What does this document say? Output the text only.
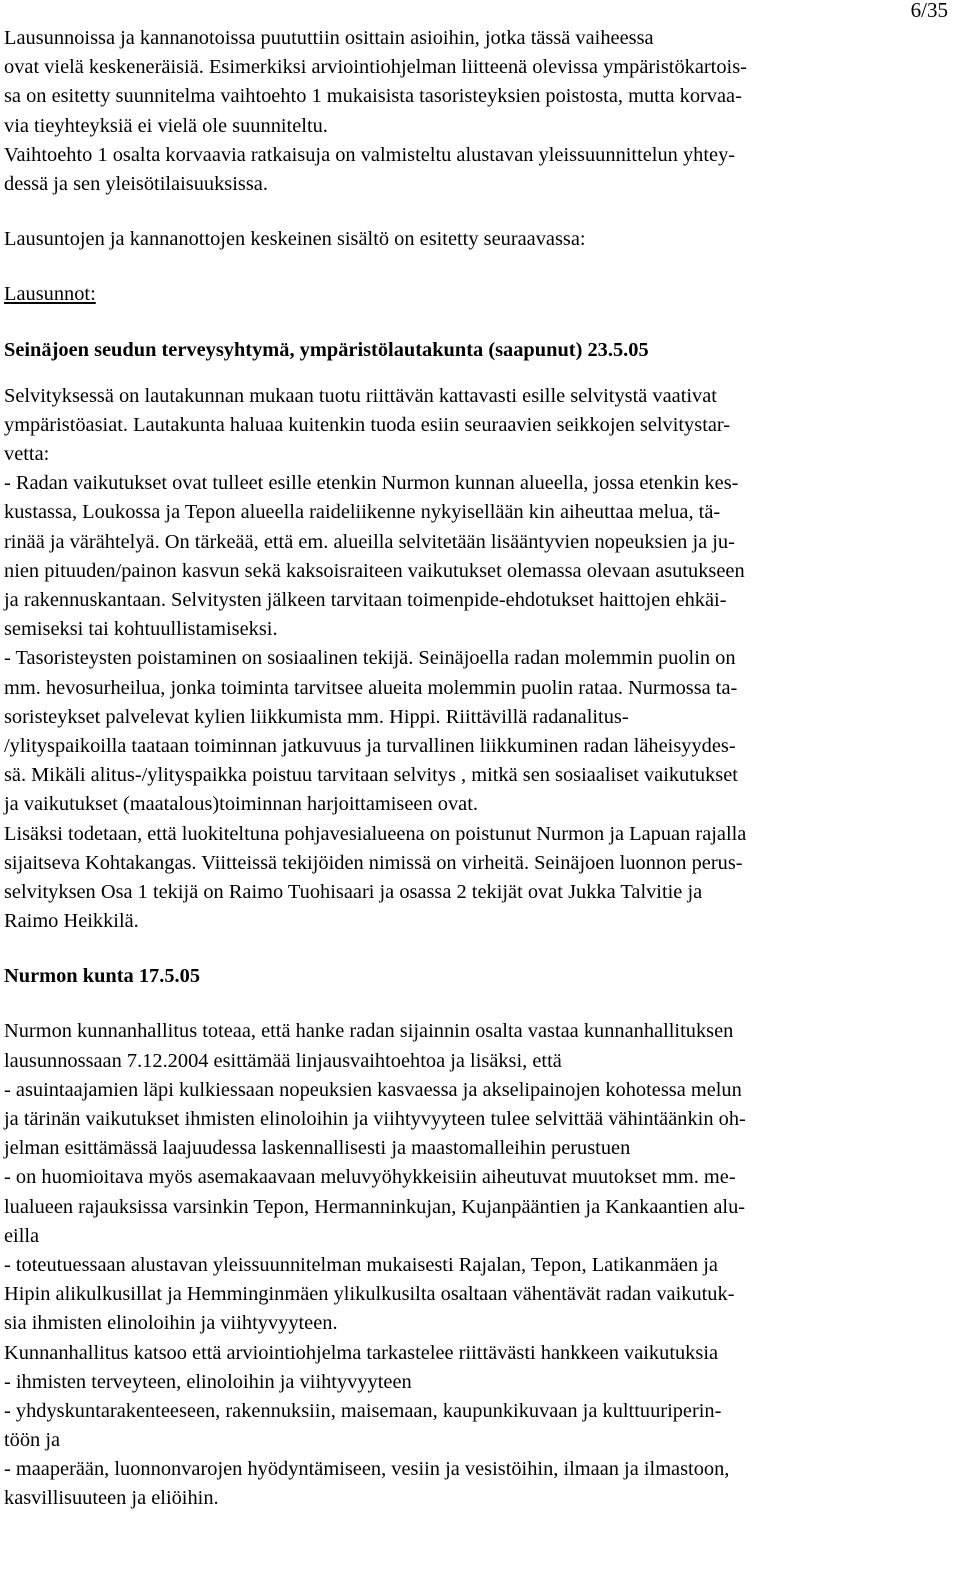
6/35
Lausunnoissa ja kannanotoissa puututtiin osittain asioihin, jotka tässä vaiheessa
ovat vielä keskeneräisiä. Esimerkiksi arviointiohjelman liitteenä olevissa ympäristökartois-
sa on esitetty suunnitelma vaihtoehto 1 mukaisista tasoristeyksien poistosta, mutta korvaa-
via tieyhteyksiä ei vielä ole suunniteltu.
Vaihtoehto 1 osalta korvaavia ratkaisuja on valmisteltu alustavan yleissuunnittelun yhtey-
dessä ja sen yleisötilaisuuksissa.
Lausuntojen ja kannanottojen keskeinen sisältö on esitetty seuraavassa:
Lausunnot:
Seinäjoen seudun terveysyhtymä, ympäristölautakunta (saapunut) 23.5.05
Selvityksessä on lautakunnan mukaan tuotu riittävän kattavasti esille selvitystä vaativat
ympäristöasiat. Lautakunta haluaa kuitenkin tuoda esiin seuraavien seikkojen selvitystar-
vetta:
- Radan vaikutukset ovat tulleet esille etenkin Nurmon kunnan alueella, jossa etenkin kes-
kustassa, Loukossa ja Tepon alueella raideliikenne nykyisellään kin aiheuttaa melua, tä-
rinää ja värähtelyä. On tärkeää, että em. alueilla selvitetään lisääntyvien nopeuksien ja ju-
nien pituuden/painon kasvun sekä kaksoisraiteen vaikutukset olemassa olevaan asutukseen
ja rakennuskantaan. Selvitysten jälkeen tarvitaan toimenpide-ehdotukset haittojen ehkäi-
semiseksi tai kohtuullistamiseksi.
- Tasoristeysten poistaminen on sosiaalinen tekijä. Seinäjoella radan molemmin puolin on
mm. hevosurheilua, jonka toiminta tarvitsee alueita molemmin puolin rataa. Nurmossa ta-
soristeykset palvelevat kylien liikkumista mm. Hippi. Riittävillä radanalitus-
/ylityspaikoilla taataan toiminnan jatkuvuus ja turvallinen liikkuminen radan läheisyydes-
sä. Mikäli alitus-/ylityspaikka poistuu tarvitaan selvitys , mitkä sen sosiaaliset vaikutukset
ja vaikutukset (maatalous)toiminnan harjoittamiseen ovat.
Lisäksi todetaan, että luokiteltuna pohjavesialueena on poistunut Nurmon ja Lapuan rajalla
sijaitseva Kohtakangas. Viitteissä tekijöiden nimissä on virheitä. Seinäjoen luonnon perus-
selvityksen Osa 1 tekijä on Raimo Tuohisaari ja osassa 2 tekijät ovat Jukka Talvitie ja
Raimo Heikkilä.
Nurmon kunta 17.5.05
Nurmon kunnanhallitus toteaa, että hanke radan sijainnin osalta vastaa kunnanhallituksen
lausunnossaan 7.12.2004 esittämää linjausvaihtoehtoa ja lisäksi, että
- asuintaajamien läpi kulkiessaan nopeuksien kasvaessa ja akselipainojen kohotessa melun
ja tärinän vaikutukset ihmisten elinoloihin ja viihtyvyyteen tulee selvittää vähintäänkin oh-
jelman esittämässä laajuudessa laskennallisesti ja maastomalleihin perustuen
- on huomioitava myös asemakaavaan meluvyöhykkeisiin aiheutuvat muutokset mm. me-
lualueen rajauksissa varsinkin Tepon, Hermanninkujan, Kujanpääntien ja Kankaantien alu-
eilla
- toteutuessaan alustavan yleissuunnitelman mukaisesti Rajalan, Tepon, Latikanmäen ja
Hipin alikulkusillat ja Hemminginmäen ylikulkusilta osaltaan vähentävät radan vaikutuk-
sia ihmisten elinoloihin ja viihtyvyyteen.
Kunnanhallitus katsoo että arviointiohjelma tarkastelee riittävästi hankkeen vaikutuksia
- ihmisten terveyteen, elinoloihin ja viihtyvyyteen
- yhdyskuntarakenteeseen, rakennuksiin, maisemaan, kaupunkikuvaan ja kulttuuriperin-
töön ja
- maaperään, luonnonvarojen hyödyntämiseen, vesiin ja vesistöihin, ilmaan ja ilmastoon,
kasvillisuuteen ja eliöihin.
